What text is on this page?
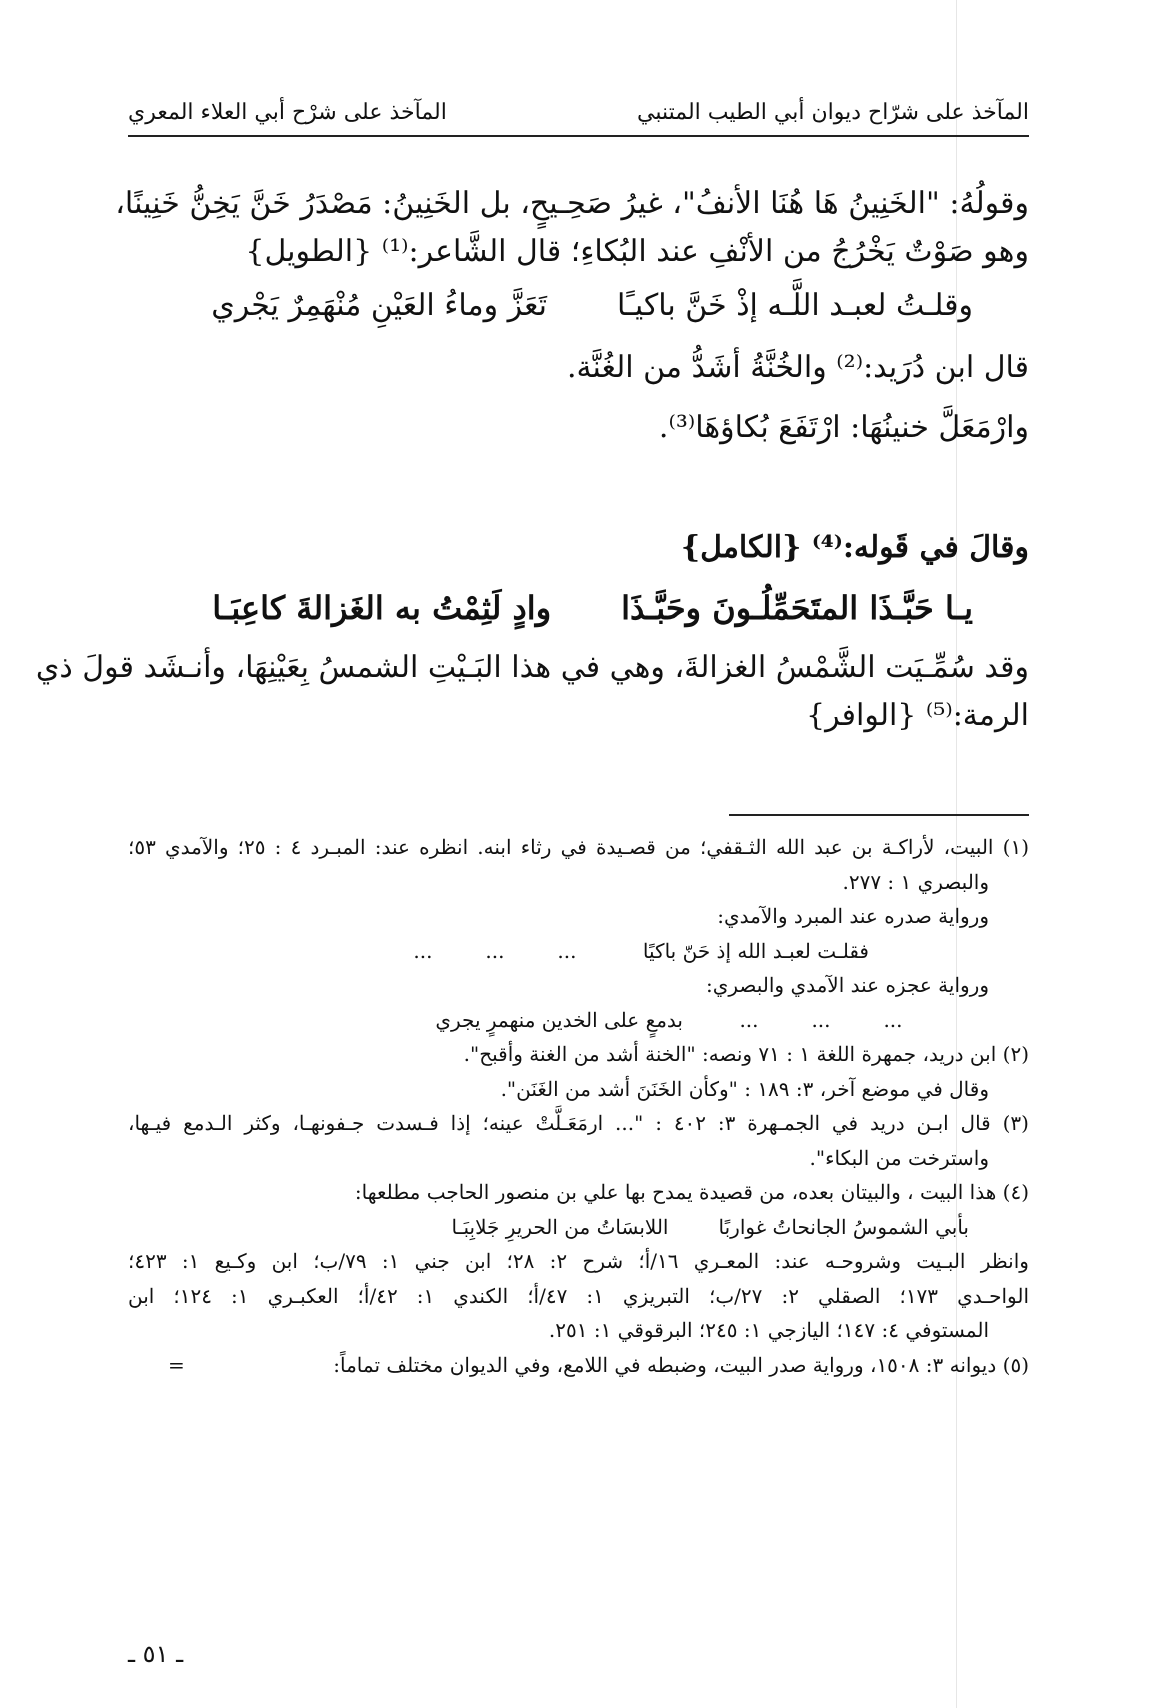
المآخذ على شرّاح ديوان أبي الطيب المتنبي
المآخذ على شرْح أبي العلاء المعري
وقولُهُ: "الخَنِينُ هَا هُنَا الأنفُ"، غيرُ صَحِـيحٍ، بل الخَنِينُ: مَصْدَرُ خَنَّ يَخِنُّ خَنِينًا،
وهو صَوْتٌ يَخْرُجُ من الأنْفِ عند البُكاءِ؛ قال الشَّاعر:⁽¹⁾ {الطويل}
وقلـتُ لعبـد اللَّـه إذْ خَنَّ باكيـًا
تَعَزَّ وماءُ العَيْنِ مُنْهَمِرٌ يَجْري
قال ابن دُرَيد:⁽²⁾ والخُنَّةُ أشَدُّ من الغُنَّة.
وارْمَعَلَّ خنينُهَا: ارْتَفَعَ بُكاؤهَا⁽³⁾.
وقالَ في قَوله:⁽⁴⁾ {الكامل}
يـا حَبَّـذَا المتَحَمِّلُـونَ وحَبَّـذَا
وادٍ لَثِمْتُ به الغَزالةَ كاعِبَـا
وقد سُمِّـيَت الشَّمْسُ الغزالةَ، وهي في هذا البَـيْتِ الشمسُ بِعَيْنِهَا، وأنـشَد قولَ ذي
الرمة:⁽⁵⁾ {الوافر}
(١) البيت، لأراكـة بن عبد الله الثـقفي؛ من قصـيدة في رثاء ابنه. انظره عند: المبـرد ٤ : ٢٥؛ والآمدي ٥٣؛
والبصري ١ : ٢٧٧.
ورواية صدره عند المبرد والآمدي:
فقلـت لعبـد الله إذ حَنّ باكيًا
...
...
...
ورواية عجزه عند الآمدي والبصري:
...
...
...
بدمعٍ على الخدين منهمرٍ يجري
(٢) ابن دريد، جمهرة اللغة ١ : ٧١ ونصه: "الخنة أشد من الغنة وأقبح".
وقال في موضع آخر، ٣: ١٨٩ : "وكأن الخَنَنَ أشد من الغَنَن".
(٣) قال ابـن دريد في الجمـهرة ٣: ٤٠٢ : "... ارمَعَـلَّتْ عينه؛ إذا فـسدت جـفونهـا، وكثر الـدمع فيـها،
واسترخت من البكاء".
(٤) هذا البيت ، والبيتان بعده، من قصيدة يمدح بها علي بن منصور الحاجب مطلعها:
بأبي الشموسُ الجانحاتُ غواربًا
اللابسَاتُ من الحريرِ جَلابِبَـا
وانظر البـيت وشروحـه عند: المعـري ١٦/أ؛ شرح ٢: ٢٨؛ ابن جني ١: ٧٩/ب؛ ابن وكـيع ١: ٤٢٣؛
الواحـدي ١٧٣؛ الصقلي ٢: ٢٧/ب؛ التبريزي ١: ٤٧/أ؛ الكندي ١: ٤٢/أ؛ العكبـري ١: ١٢٤؛ ابن
المستوفي ٤: ١٤٧؛ اليازجي ١: ٢٤٥؛ البرقوقي ١: ٢٥١.
(٥) ديوانه ٣: ١٥٠٨، ورواية صدر البيت، وضبطه في اللامع، وفي الديوان مختلف تماماً:
=
ـ ٥١ ـ
